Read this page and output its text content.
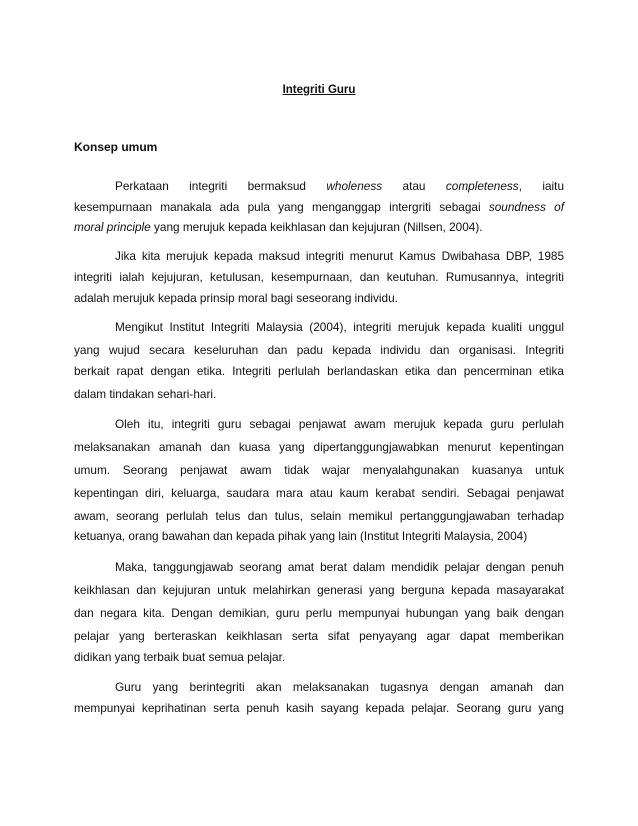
Integriti Guru
Konsep umum
Perkataan integriti bermaksud wholeness atau completeness, iaitu
kesempurnaan manakala ada pula yang menganggap intergriti sebagai soundness of
moral principle yang merujuk kepada keikhlasan dan kejujuran (Nillsen, 2004).
Jika kita merujuk kepada maksud integriti menurut Kamus Dwibahasa DBP, 1985
integriti ialah kejujuran, ketulusan, kesempurnaan, dan keutuhan. Rumusannya, integriti
adalah merujuk kepada prinsip moral bagi seseorang individu.
Mengikut Institut Integriti Malaysia (2004), integriti merujuk kepada kualiti unggul
yang wujud secara keseluruhan dan padu kepada individu dan organisasi. Integriti
berkait rapat dengan etika. Integriti perlulah berlandaskan etika dan pencerminan etika
dalam tindakan sehari-hari.
Oleh itu, integriti guru sebagai penjawat awam merujuk kepada guru perlulah
melaksanakan amanah dan kuasa yang dipertanggungjawabkan menurut kepentingan
umum. Seorang penjawat awam tidak wajar menyalahgunakan kuasanya untuk
kepentingan diri, keluarga, saudara mara atau kaum kerabat sendiri. Sebagai penjawat
awam, seorang perlulah telus dan tulus, selain memikul pertanggungjawaban terhadap
ketuanya, orang bawahan dan kepada pihak yang lain (Institut Integriti Malaysia, 2004)
Maka, tanggungjawab seorang amat berat dalam mendidik pelajar dengan penuh
keikhlasan dan kejujuran untuk melahirkan generasi yang berguna kepada masayarakat
dan negara kita. Dengan demikian, guru perlu mempunyai hubungan yang baik dengan
pelajar yang berteraskan keikhlasan serta sifat penyayang agar dapat memberikan
didikan yang terbaik buat semua pelajar.
Guru yang berintegriti akan melaksanakan tugasnya dengan amanah dan
mempunyai keprihatinan serta penuh kasih sayang kepada pelajar. Seorang guru yang
